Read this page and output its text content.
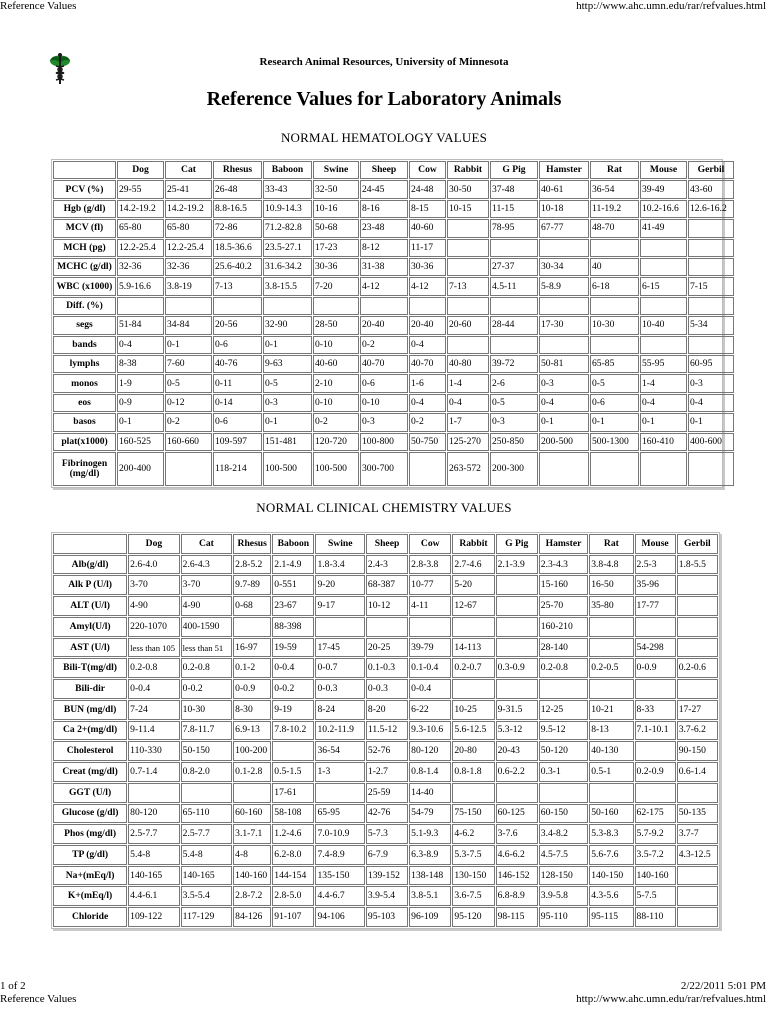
Reference Values	http://www.ahc.umn.edu/rar/refvalues.html
Research Animal Resources, University of Minnesota
Reference Values for Laboratory Animals
NORMAL HEMATOLOGY VALUES
	Dog	Cat	Rhesus	Baboon	Swine	Sheep	Cow	Rabbit	G Pig	Hamster	Rat	Mouse	Gerbil
PCV (%)	29-55	25-41	26-48	33-43	32-50	24-45	24-48	30-50	37-48	40-61	36-54	39-49	43-60
Hgb (g/dl)	14.2-19.2	14.2-19.2	8.8-16.5	10.9-14.3	10-16	8-16	8-15	10-15	11-15	10-18	11-19.2	10.2-16.6	12.6-16.2
MCV (fl)	65-80	65-80	72-86	71.2-82.8	50-68	23-48	40-60		78-95	67-77	48-70	41-49	
MCH (pg)	12.2-25.4	12.2-25.4	18.5-36.6	23.5-27.1	17-23	8-12	11-17						
MCHC (g/dl)	32-36	32-36	25.6-40.2	31.6-34.2	30-36	31-38	30-36		27-37	30-34	40		
WBC (x1000)	5.9-16.6	3.8-19	7-13	3.8-15.5	7-20	4-12	4-12	7-13	4.5-11	5-8.9	6-18	6-15	7-15
Diff. (%)													
segs	51-84	34-84	20-56	32-90	28-50	20-40	20-40	20-60	28-44	17-30	10-30	10-40	5-34
bands	0-4	0-1	0-6	0-1	0-10	0-2	0-4						
lymphs	8-38	7-60	40-76	9-63	40-60	40-70	40-70	40-80	39-72	50-81	65-85	55-95	60-95
monos	1-9	0-5	0-11	0-5	2-10	0-6	1-6	1-4	2-6	0-3	0-5	1-4	0-3
eos	0-9	0-12	0-14	0-3	0-10	0-10	0-4	0-4	0-5	0-4	0-6	0-4	0-4
basos	0-1	0-2	0-6	0-1	0-2	0-3	0-2	1-7	0-3	0-1	0-1	0-1	0-1
plat(x1000)	160-525	160-660	109-597	151-481	120-720	100-800	50-750	125-270	250-850	200-500	500-1300	160-410	400-600
Fibrinogen (mg/dl)	200-400		118-214	100-500	100-500	300-700		263-572	200-300				
NORMAL CLINICAL CHEMISTRY VALUES
	Dog	Cat	Rhesus	Baboon	Swine	Sheep	Cow	Rabbit	G Pig	Hamster	Rat	Mouse	Gerbil
Alb(g/dl)	2.6-4.0	2.6-4.3	2.8-5.2	2.1-4.9	1.8-3.4	2.4-3	2.8-3.8	2.7-4.6	2.1-3.9	2.3-4.3	3.8-4.8	2.5-3	1.8-5.5
Alk P (U/l)	3-70	3-70	9.7-89	0-551	9-20	68-387	10-77	5-20		15-160	16-50	35-96	
ALT (U/l)	4-90	4-90	0-68	23-67	9-17	10-12	4-11	12-67		25-70	35-80	17-77	
Amyl(U/l)	220-1070	400-1590		88-398						160-210			
AST (U/l)	less than 105	less than 51	16-97	19-59	17-45	20-25	39-79	14-113		28-140		54-298	
Bili-T(mg/dl)	0.2-0.8	0.2-0.8	0.1-2	0-0.4	0-0.7	0.1-0.3	0.1-0.4	0.2-0.7	0.3-0.9	0.2-0.8	0.2-0.5	0-0.9	0.2-0.6
Bili-dir	0-0.4	0-0.2	0-0.9	0-0.2	0-0.3	0-0.3	0-0.4						
BUN (mg/dl)	7-24	10-30	8-30	9-19	8-24	8-20	6-22	10-25	9-31.5	12-25	10-21	8-33	17-27
Ca 2+(mg/dl)	9-11.4	7.8-11.7	6.9-13	7.8-10.2	10.2-11.9	11.5-12	9.3-10.6	5.6-12.5	5.3-12	9.5-12	8-13	7.1-10.1	3.7-6.2
Cholesterol	110-330	50-150	100-200		36-54	52-76	80-120	20-80	20-43	50-120	40-130		90-150
Creat (mg/dl)	0.7-1.4	0.8-2.0	0.1-2.8	0.5-1.5	1-3	1-2.7	0.8-1.4	0.8-1.8	0.6-2.2	0.3-1	0.5-1	0.2-0.9	0.6-1.4
GGT (U/l)				17-61		25-59	14-40						
Glucose (g/dl)	80-120	65-110	60-160	58-108	65-95	42-76	54-79	75-150	60-125	60-150	50-160	62-175	50-135
Phos (mg/dl)	2.5-7.7	2.5-7.7	3.1-7.1	1.2-4.6	7.0-10.9	5-7.3	5.1-9.3	4-6.2	3-7.6	3.4-8.2	5.3-8.3	5.7-9.2	3.7-7
TP (g/dl)	5.4-8	5.4-8	4-8	6.2-8.0	7.4-8.9	6-7.9	6.3-8.9	5.3-7.5	4.6-6.2	4.5-7.5	5.6-7.6	3.5-7.2	4.3-12.5
Na+(mEq/l)	140-165	140-165	140-160	144-154	135-150	139-152	138-148	130-150	146-152	128-150	140-150	140-160	
K+(mEq/l)	4.4-6.1	3.5-5.4	2.8-7.2	2.8-5.0	4.4-6.7	3.9-5.4	3.8-5.1	3.6-7.5	6.8-8.9	3.9-5.8	4.3-5.6	5-7.5	
Chloride	109-122	117-129	84-126	91-107	94-106	95-103	96-109	95-120	98-115	95-110	95-115	88-110	
1 of 2	2/22/2011 5:01 PM
Reference Values	http://www.ahc.umn.edu/rar/refvalues.html
